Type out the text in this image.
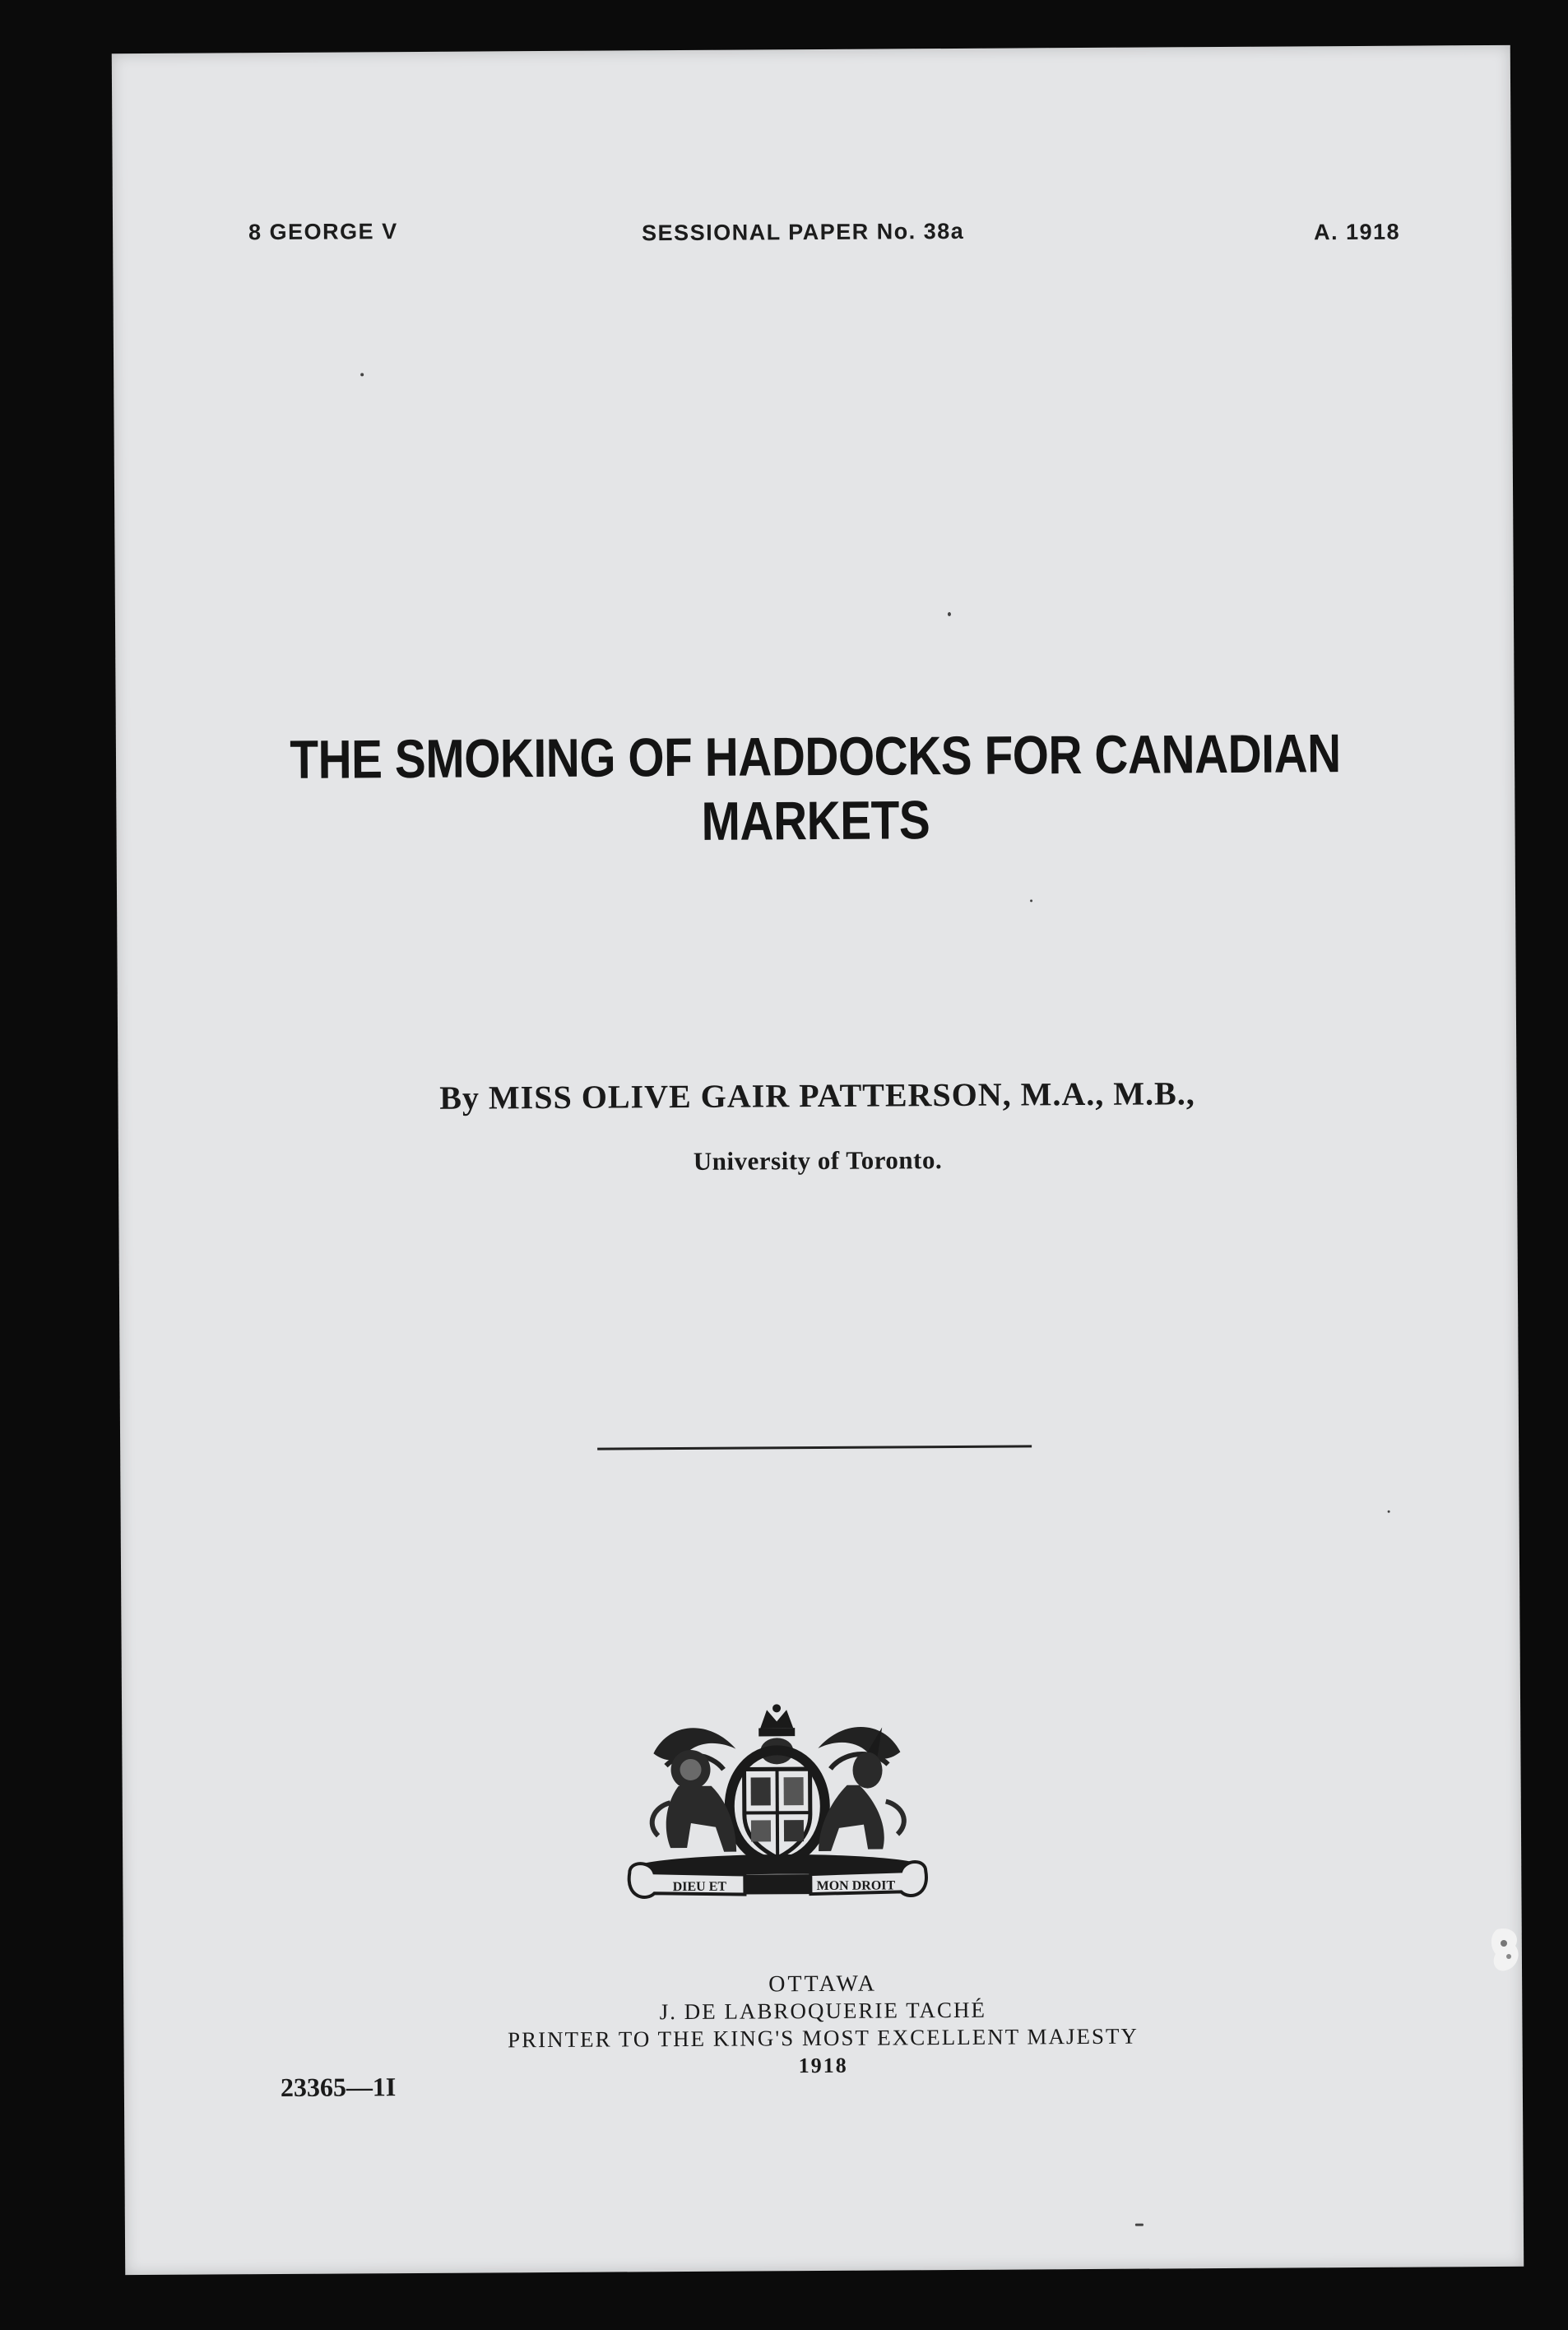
8 GEORGE V	SESSIONAL PAPER No. 38a	A. 1918
THE SMOKING OF HADDOCKS FOR CANADIAN
MARKETS
By MISS OLIVE GAIR PATTERSON, M.A., M.B.,
University of Toronto.
DIEU ET	MON DROIT
OTTAWA
J. DE LABROQUERIE TACHÉ
PRINTER TO THE KING'S MOST EXCELLENT MAJESTY
1918
23365—1I
